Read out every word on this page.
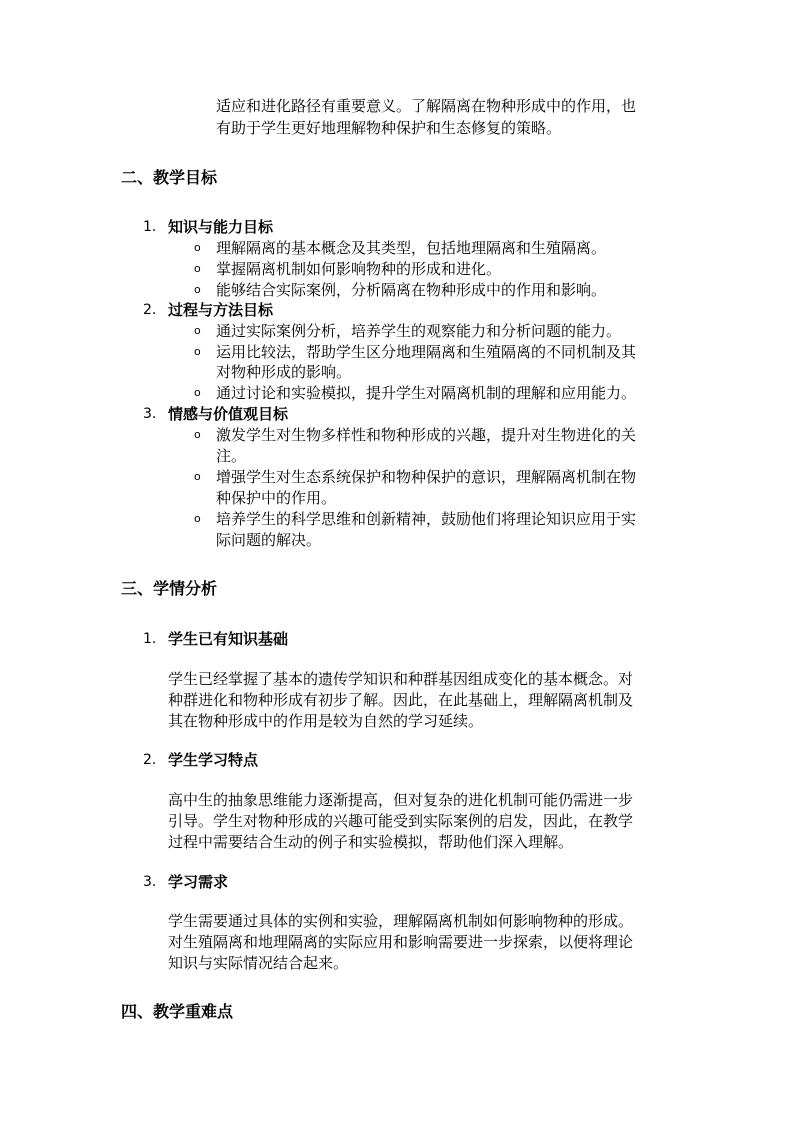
适应和进化路径有重要意义。了解隔离在物种形成中的作用，也
有助于学生更好地理解物种保护和生态修复的策略。
二、教学目标
1. 知识与能力目标
o 理解隔离的基本概念及其类型，包括地理隔离和生殖隔离。
o 掌握隔离机制如何影响物种的形成和进化。
o 能够结合实际案例，分析隔离在物种形成中的作用和影响。
2. 过程与方法目标
o 通过实际案例分析，培养学生的观察能力和分析问题的能力。
o 运用比较法，帮助学生区分地理隔离和生殖隔离的不同机制及其
对物种形成的影响。
o 通过讨论和实验模拟，提升学生对隔离机制的理解和应用能力。
3. 情感与价值观目标
o 激发学生对生物多样性和物种形成的兴趣，提升对生物进化的关
注。
o 增强学生对生态系统保护和物种保护的意识，理解隔离机制在物
种保护中的作用。
o 培养学生的科学思维和创新精神，鼓励他们将理论知识应用于实
际问题的解决。
三、学情分析
1. 学生已有知识基础
学生已经掌握了基本的遗传学知识和种群基因组成变化的基本概念。对
种群进化和物种形成有初步了解。因此，在此基础上，理解隔离机制及
其在物种形成中的作用是较为自然的学习延续。
2. 学生学习特点
高中生的抽象思维能力逐渐提高，但对复杂的进化机制可能仍需进一步
引导。学生对物种形成的兴趣可能受到实际案例的启发，因此，在教学
过程中需要结合生动的例子和实验模拟，帮助他们深入理解。
3. 学习需求
学生需要通过具体的实例和实验，理解隔离机制如何影响物种的形成。
对生殖隔离和地理隔离的实际应用和影响需要进一步探索，以便将理论
知识与实际情况结合起来。
四、教学重难点
